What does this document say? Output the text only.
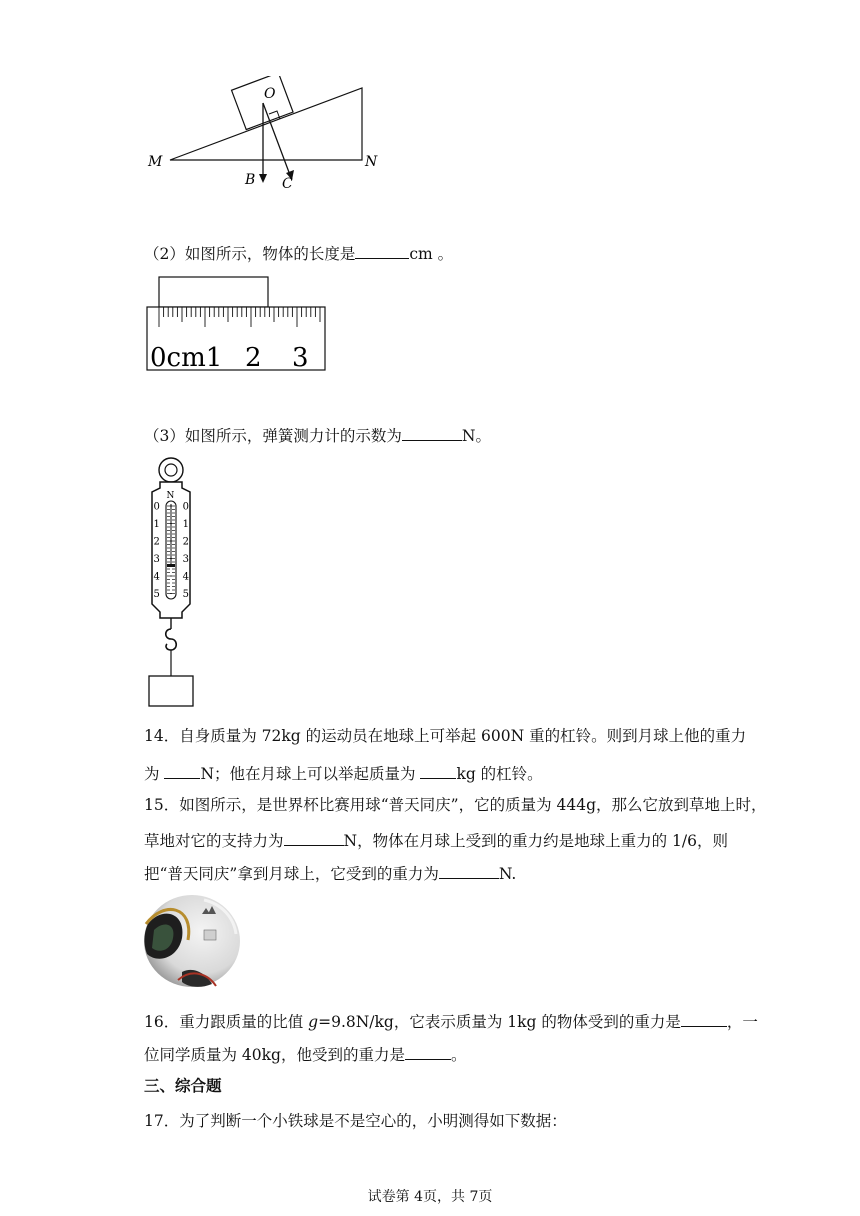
O
M	N
B C
（2）如图所示，物体的长度是	cm 。
0cm1 2 3
（3）如图所示，弹簧测力计的示数为	N。
N
0 0
1 1
2 2
3 3
4 4
5 5
14．自身质量为 72kg 的运动员在地球上可举起 600N 重的杠铃。则到月球上他的重力
为 N；他在月球上可以举起质量为 kg 的杠铃。
15．如图所示，是世界杯比赛用球“普天同庆”，它的质量为 444g，那么它放到草地上时，
草地对它的支持力为	N，物体在月球上受到的重力约是地球上重力的 1/6，则
把“普天同庆”拿到月球上，它受到的重力为	N.
16．重力跟质量的比值 g=9.8N/kg，它表示质量为 1kg 的物体受到的重力是	，一
位同学质量为 40kg，他受到的重力是	。
三、综合题
17．为了判断一个小铁球是不是空心的，小明测得如下数据：
试卷第 4页，共 7页
